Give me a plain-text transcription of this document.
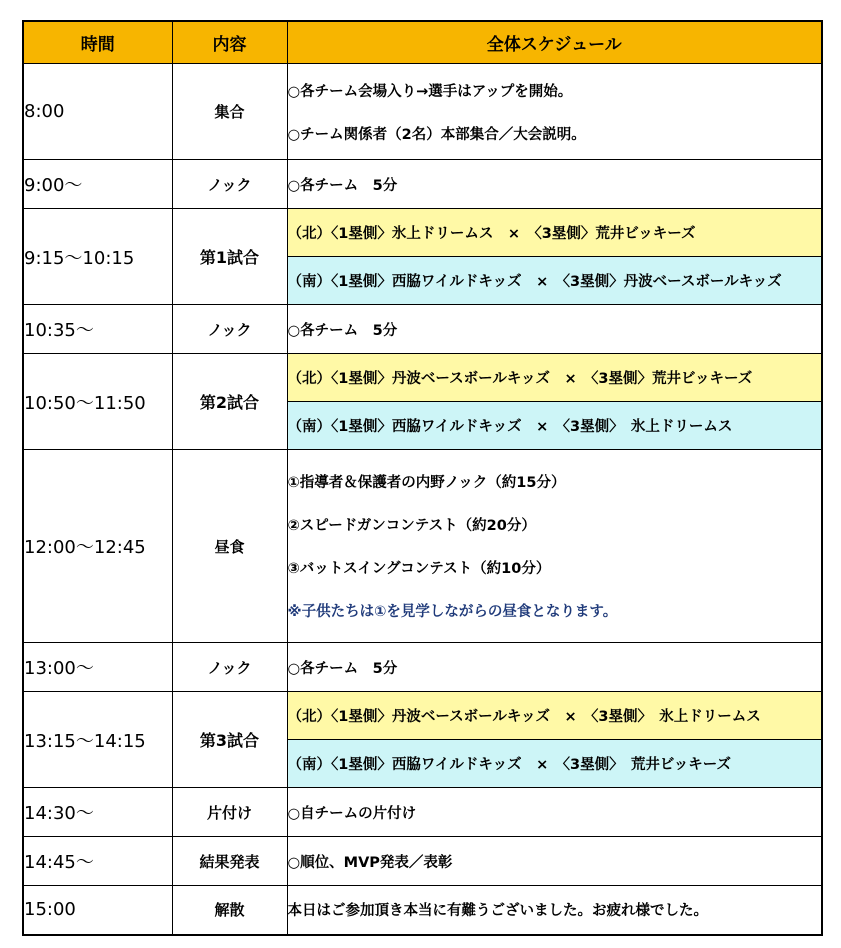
時間	内容	全体スケジュール
8:00	集合	○各チーム会場入り→選手はアップを開始。
○チーム関係者（2名）本部集合／大会説明。

9:00～	ノック	○各チーム　5分
9:15～10:15	第1試合	（北）〈1塁側〉氷上ドリームス　×　〈3塁側〉荒井ビッキーズ
		（南）〈1塁側〉西脇ワイルドキッズ　×　〈3塁側〉丹波ベースボールキッズ
10:35～	ノック	○各チーム　5分
10:50～11:50	第2試合	（北）〈1塁側〉丹波ベースボールキッズ　×　〈3塁側〉荒井ビッキーズ
		（南）〈1塁側〉西脇ワイルドキッズ　×　〈3塁側〉　氷上ドリームス
12:00～12:45	昼食	①指導者＆保護者の内野ノック（約15分）
②スピードガンコンテスト（約20分）
③バットスイングコンテスト（約10分）
※子供たちは①を見学しながらの昼食となります。

13:00～	ノック	○各チーム　5分
13:15～14:15	第3試合	（北）〈1塁側〉丹波ベースボールキッズ　×　〈3塁側〉　氷上ドリームス
		（南）〈1塁側〉西脇ワイルドキッズ　×　〈3塁側〉　荒井ビッキーズ
14:30～	片付け	○自チームの片付け
14:45～	結果発表	○順位、MVP発表／表彰
15:00	解散	本日はご参加頂き本当に有難うございました。お疲れ様でした。
